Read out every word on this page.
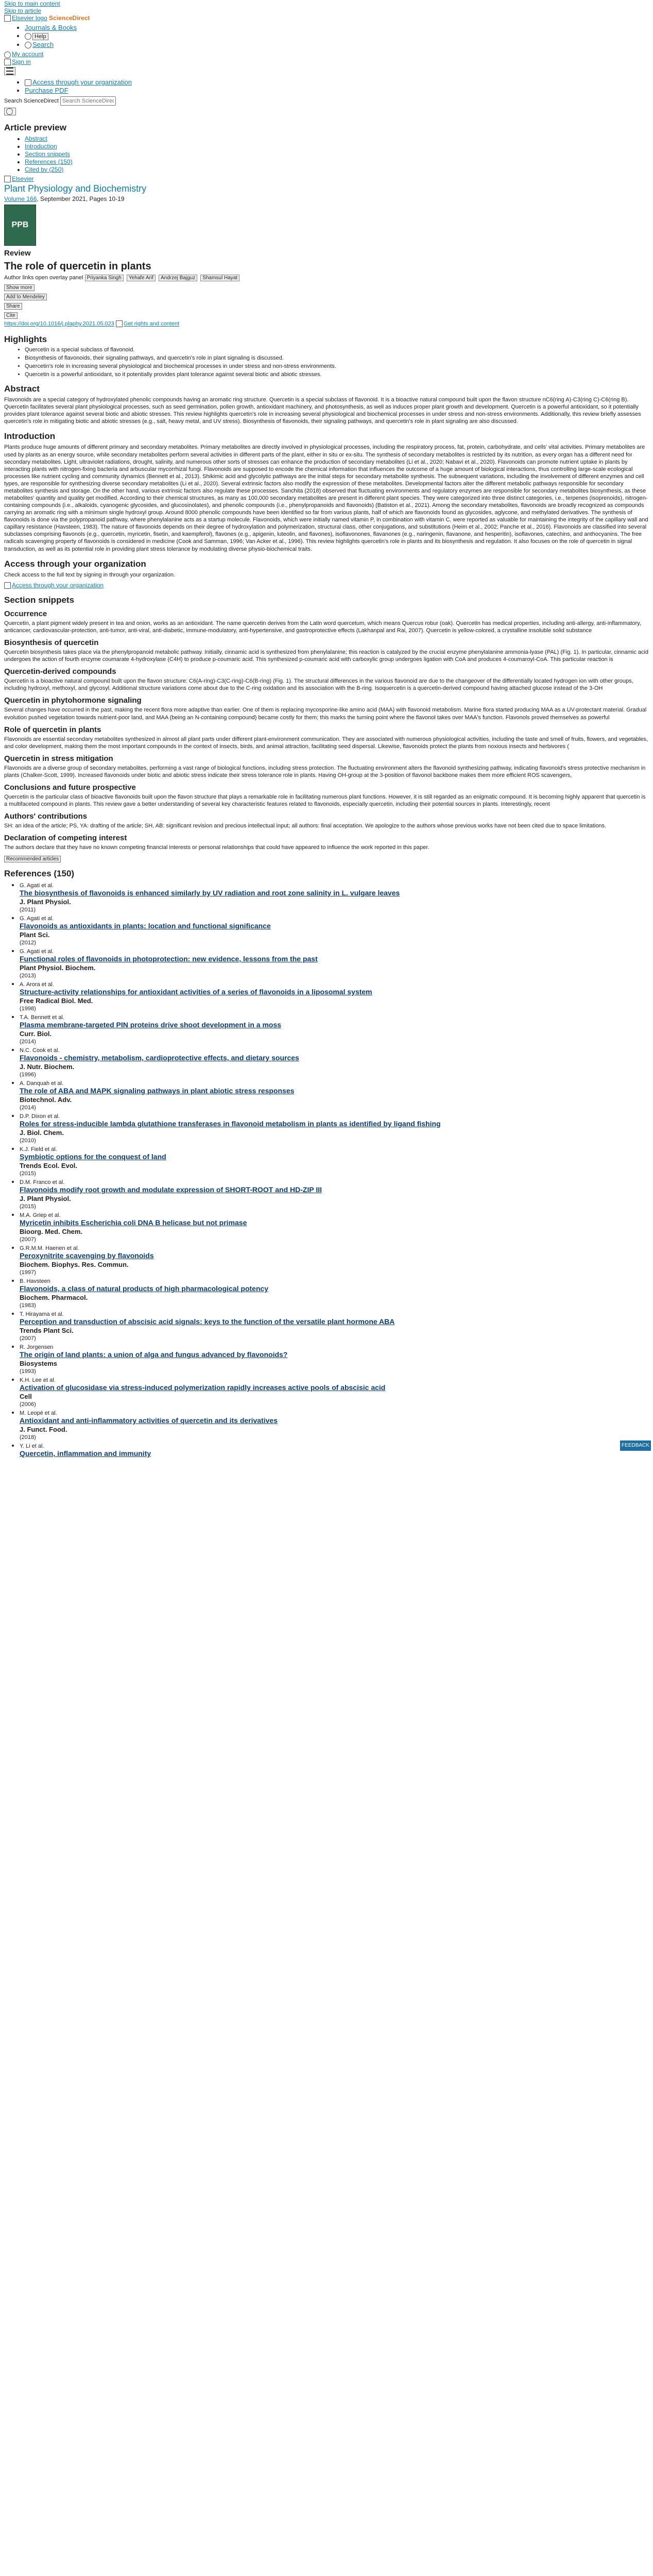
Skip to main content
Skip to article
Elsevier logo ScienceDirect
• Journals & Books
• Help
• Search
My account
Sign in
• Access through your organization
• Purchase PDF
Search ScienceDirect Search ScienceDirect
Article preview
• Abstract
• Introduction
• Section snippets
• References (150)
• Cited by (250)
Elsevier
Plant Physiology and Biochemistry
Volume 166, September 2021, Pages 10-19
PPB
Review
The role of quercetin in plants
Author links open overlay panel Priyanka Singh Yehafe Arif Andrzej Bajguz Shamsul Hayat
Show more
Add to Mendeley
Share
Cite
https://doi.org/10.1016/j.plaphy.2021.05.023 Get rights and content
Highlights
• Quercetin is a special subclass of flavonoid.
• Biosynthesis of flavonoids, their signaling pathways, and quercetin's role in plant signaling is discussed.
• Quercetin's role in increasing several physiological and biochemical processes in under stress and non-stress environments.
• Quercetin is a powerful antioxidant, so it potentially provides plant tolerance against several biotic and abiotic stresses.
Abstract

Flavonoids are a special category of hydroxylated phenolic compounds having an aromatic ring structure. Quercetin is a special subclass of flavonoid. It is a bioactive natural compound built upon the flavon structure nC6(ring A)-C3(ring C)-C6(ring B). Quercetin facilitates several plant physiological processes, such as seed germination, pollen growth, antioxidant machinery, and photosynthesis, as well as induces proper plant growth and development. Quercetin is a powerful antioxidant, so it potentially provides plant tolerance against several biotic and abiotic stresses. This review highlights quercetin's role in increasing several physiological and biochemical processes in under stress and non-stress environments. Additionally, this review briefly assesses quercetin's role in mitigating biotic and abiotic stresses (e.g., salt, heavy metal, and UV stress). Biosynthesis of flavonoids, their signaling pathways, and quercetin's role in plant signaling are also discussed.

Introduction

Plants produce huge amounts of different primary and secondary metabolites. Primary metabolites are directly involved in physiological processes, including the respiratory process, fat, protein, carbohydrate, and cells' vital activities. Primary metabolites are used by plants as an energy source, while secondary metabolites perform several activities in different parts of the plant, either in situ or ex-situ. The synthesis of secondary metabolites is restricted by its nutrition, as every organ has a different need for secondary metabolites. Light, ultraviolet radiations, drought, salinity, and numerous other sorts of stresses can enhance the production of secondary metabolites (Li et al., 2020; Nabavi et al., 2020). Flavonoids can promote nutrient uptake in plants by interacting plants with nitrogen-fixing bacteria and arbuscular mycorrhizal fungi. Flavonoids are supposed to encode the chemical information that influences the outcome of a huge amount of biological interactions, thus controlling large-scale ecological processes like nutrient cycling and community dynamics (Bennett et al., 2013). Shikimic acid and glycolytic pathways are the initial steps for secondary metabolite synthesis. The subsequent variations, including the involvement of different enzymes and cell types, are responsible for synthesizing diverse secondary metabolites (Li et al., 2020). Several extrinsic factors also modify the expression of these metabolites. Developmental factors alter the different metabolic pathways responsible for secondary metabolites synthesis and storage. On the other hand, various extrinsic factors also regulate these processes. Sanchita (2018) observed that fluctuating environments and regulatory enzymes are responsible for secondary metabolites biosynthesis, as these metabolites' quantity and quality get modified. According to their chemical structures, as many as 100,000 secondary metabolites are present in different plant species. They were categorized into three distinct categories, i.e., terpenes (isoprenoids), nitrogen-containing compounds (i.e., alkaloids, cyanogenic glycosides, and glucosinolates), and phenolic compounds (i.e., phenylpropanoids and flavonoids) (Batiston et al., 2021). Among the secondary metabolites, flavonoids are broadly recognized as compounds carrying an aromatic ring with a minimum single hydroxyl group. Around 8000 phenolic compounds have been identified so far from various plants, half of which are flavonoids found as glycosides, aglycone, and methylated derivatives. The synthesis of flavonoids is done via the polypropanoid pathway, where phenylalanine acts as a startup molecule. Flavonoids, which were initially named vitamin P, in combination with vitamin C, were reported as valuable for maintaining the integrity of the capillary wall and capillary resistance (Havsteen, 1983). The nature of flavonoids depends on their degree of hydroxylation and polymerization, structural class, other conjugations, and substitutions (Heim et al., 2002; Panche et al., 2016). Flavonoids are classified into several subclasses comprising flavonols (e.g., quercetin, myricetin, fisetin, and kaempferol), flavones (e.g., apigenin, luteolin, and flavones), isoflavonones, flavanones (e.g., naringenin, flavanone, and hesperitin), isoflavones, catechins, and anthocyanins. The free radicals scavenging property of flavonoids is considered in medicine (Cook and Samman, 1996; Van Acker et al., 1996). This review highlights quercetin's role in plants and its biosynthesis and regulation. It also focuses on the role of quercetin in signal transduction, as well as its potential role in providing plant stress tolerance by modulating diverse physio-biochemical traits.

Access through your organization

Check access to the full text by signing in through your organization.

Access through your organization
Section snippets
Occurrence

Quercetin, a plant pigment widely present in tea and onion, works as an antioxidant. The name quercetin derives from the Latin word quercetum, which means Quercus robur (oak). Quercetin has medical properties, including anti-allergy, anti-inflammatory, anticancer, cardiovascular-protection, anti-tumor, anti-viral, anti-diabetic, immune-modulatory, anti-hypertensive, and gastroprotective effects (Lakhanpal and Rai, 2007). Quercetin is yellow-colored, a crystalline insoluble solid substance

Biosynthesis of quercetin

Quercetin biosynthesis takes place via the phenylpropanoid metabolic pathway. Initially, cinnamic acid is synthesized from phenylalanine; this reaction is catalyzed by the crucial enzyme phenylalanine ammonia-lyase (PAL) (Fig. 1). In particular, cinnamic acid undergoes the action of fourth enzyme coumarate 4-hydroxylase (C4H) to produce p-coumaric acid. This synthesized p-coumaric acid with carboxylic group undergoes ligation with CoA and produces 4-coumaroyl-CoA. This particular reaction is

Quercetin-derived compounds

Quercetin is a bioactive natural compound built upon the flavon structure: C6(A-ring)-C3(C-ring)-C6(B-ring) (Fig. 1). The structural differences in the various flavonoid are due to the changeover of the differentially located hydrogen ion with other groups, including hydroxyl, methoxyl, and glycosyl. Additional structure variations come about due to the C-ring oxidation and its association with the B-ring. Isoquercetin is a quercetin-derived compound having attached glucose instead of the 3-OH

Quercetin in phytohormone signaling

Several changes have occurred in the past, making the recent flora more adaptive than earlier. One of them is replacing mycosporine-like amino acid (MAA) with flavonoid metabolism. Marine flora started producing MAA as a UV-protectant material. Gradual evolution pushed vegetation towards nutrient-poor land, and MAA (being an N-containing compound) became costly for them; this marks the turning point where the flavonol takes over MAA's function. Flavonols proved themselves as powerful

Role of quercetin in plants

Flavonoids are essential secondary metabolites synthesized in almost all plant parts under different plant-environment communication. They are associated with numerous physiological activities, including the taste and smell of fruits, flowers, and vegetables, and color development, making them the most important compounds in the context of insects, birds, and animal attraction, facilitating seed dispersal. Likewise, flavonoids protect the plants from noxious insects and herbivores (

Quercetin in stress mitigation

Flavonoids are a diverse group of secondary metabolites, performing a vast range of biological functions, including stress protection. The fluctuating environment alters the flavonoid synthesizing pathway, indicating flavonoid's stress protective mechanism in plants (Chalker-Scott, 1999). Increased flavonoids under biotic and abiotic stress indicate their stress tolerance role in plants. Having OH-group at the 3-position of flavonol backbone makes them more efficient ROS scavengers,

Conclusions and future prospective

Quercetin is the particular class of bioactive flavonoids built upon the flavon structure that plays a remarkable role in facilitating numerous plant functions. However, it is still regarded as an enigmatic compound. It is becoming highly apparent that quercetin is a multifaceted compound in plants. This review gave a better understanding of several key characteristic features related to flavonoids, especially quercetin, including their potential sources in plants. Interestingly, recent

Authors' contributions

SH: an idea of the article; PS, YA: drafting of the article; SH, AB: significant revision and precious intellectual input; all authors: final acceptation. We apologize to the authors whose previous works have not been cited due to space limitations.

Declaration of competing interest

The authors declare that they have no known competing financial interests or personal relationships that could have appeared to influence the work reported in this paper.

Recommended articles
References (150)
• G. Agati et al.
The biosynthesis of flavonoids is enhanced similarly by UV radiation and root zone salinity in L. vulgare leaves
J. Plant Physiol.
(2011)
• G. Agati et al.
Flavonoids as antioxidants in plants: location and functional significance
Plant Sci.
(2012)
• G. Agati et al.
Functional roles of flavonoids in photoprotection: new evidence, lessons from the past
Plant Physiol. Biochem.
(2013)
• A. Arora et al.
Structure-activity relationships for antioxidant activities of a series of flavonoids in a liposomal system
Free Radical Biol. Med.
(1998)
• T.A. Bennett et al.
Plasma membrane-targeted PIN proteins drive shoot development in a moss
Curr. Biol.
(2014)
• N.C. Cook et al.
Flavonoids - chemistry, metabolism, cardioprotective effects, and dietary sources
J. Nutr. Biochem.
(1996)
• A. Danquah et al.
The role of ABA and MAPK signaling pathways in plant abiotic stress responses
Biotechnol. Adv.
(2014)
• D.P. Dixon et al.
Roles for stress-inducible lambda glutathione transferases in flavonoid metabolism in plants as identified by ligand fishing
J. Biol. Chem.
(2010)
• K.J. Field et al.
Symbiotic options for the conquest of land
Trends Ecol. Evol.
(2015)
• D.M. Franco et al.
Flavonoids modify root growth and modulate expression of SHORT-ROOT and HD-ZIP III
J. Plant Physiol.
(2015)
• M.A. Griep et al.
Myricetin inhibits Escherichia coli DNA B helicase but not primase
Bioorg. Med. Chem.
(2007)
• G.R.M.M. Haenen et al.
Peroxynitrite scavenging by flavonoids
Biochem. Biophys. Res. Commun.
(1997)
• B. Havsteen
Flavonoids, a class of natural products of high pharmacological potency
Biochem. Pharmacol.
(1983)
• T. Hirayama et al.
Perception and transduction of abscisic acid signals: keys to the function of the versatile plant hormone ABA
Trends Plant Sci.
(2007)
• R. Jorgensen
The origin of land plants: a union of alga and fungus advanced by flavonoids?
Biosystems
(1993)
• K.H. Lee et al.
Activation of glucosidase via stress-induced polymerization rapidly increases active pools of abscisic acid
Cell
(2006)
• M. Leopé et al.
Antioxidant and anti-inflammatory activities of quercetin and its derivatives
J. Funct. Food.
(2018)
• Y. Li et al.
Quercetin, inflammation and immunity
FEEDBACK
